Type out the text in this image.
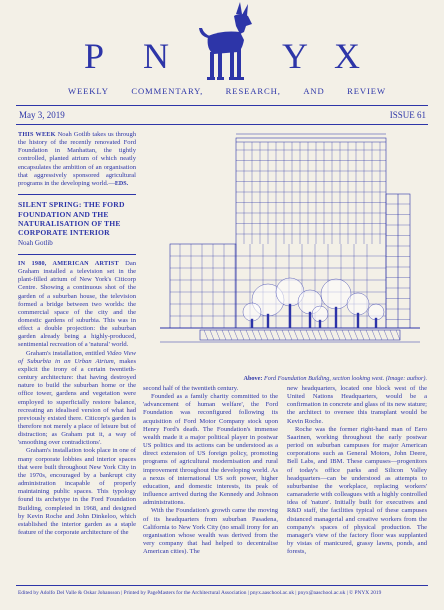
P N	Y X
WEEKLY	COMMENTARY,	RESEARCH,	AND	REVIEW
May 3, 2019	ISSUE 61

THIS WEEK Noah Gotlib takes us through the history of the recently renovated Ford Foundation in Manhattan, the tightly controlled, planted atrium of which neatly encapsulates the ambition of an organisation that aggressively sponsored agricultural programs in the developing world.—EDS.

SILENT SPRING: THE FORD FOUNDATION AND THE NATURALISATION OF THE CORPORATE INTERIOR
Noah Gotlib

IN 1980, AMERICAN ARTIST Dan Graham installed a television set in the plant-filled atrium of New York's Citicorp Centre. Showing a continuous shot of the garden of a suburban house, the television formed a bridge between two worlds: the commercial space of the city and the domestic gardens of suburbia. This was in effect a double projection: the suburban garden already being a highly-produced, sentimental recreation of a 'natural' world.

Graham's installation, entitled Video View of Suburbia in an Urban Atrium, makes explicit the irony of a certain twentieth-century architecture: that having destroyed nature to build the suburban home or the office tower, gardens and vegetation were employed to superficially restore balance, recreating an idealised version of what had previously existed there. Citicorp's garden is therefore not merely a place of leisure but of distraction; as Graham put it, a way of 'smoothing over contradictions'.

Graham's installation took place in one of many corporate lobbies and interior spaces that were built throughout New York City in the 1970s, encouraged by a bankrupt city administration incapable of properly maintaining public spaces. This typology found its archetype in the Ford Foundation Building, completed in 1968, and designed by Kevin Roche and John Dinkeloo, which established the interior garden as a staple feature of the corporate architecture of the

Above: Ford Foundation Building, section looking west. (Image: author).

second half of the twentieth century.

Founded as a family charity committed to the 'advancement of human welfare', the Ford Foundation was reconfigured following its acquisition of Ford Motor Company stock upon Henry Ford's death. The Foundation's immense wealth made it a major political player in postwar US politics and its actions can be understood as a direct extension of US foreign policy, promoting programs of agricultural modernisation and rural improvement throughout the developing world. As a nexus of international US soft power, higher education, and domestic interests, its peak of influence arrived during the Kennedy and Johnson administrations.

With the Foundation's growth came the moving of its headquarters from suburban Pasadena, California to New York City (no small irony for an organisation whose wealth was derived from the very company that had helped to decentralise American cities). The

new headquarters, located one block west of the United Nations Headquarters, would be a confirmation in concrete and glass of its new stature; the architect to oversee this transplant would be Kevin Roche.

Roche was the former right-hand man of Eero Saarinen, working throughout the early postwar period on suburban campuses for major American corporations such as General Motors, John Deere, Bell Labs, and IBM. These campuses—progenitors of today's office parks and Silicon Valley headquarters—can be understood as attempts to suburbanise the workplace, replacing workers' camaraderie with colleagues with a highly controlled idea of 'nature'. Initially built for executives and R&D staff, the facilities typical of these campuses distanced managerial and creative workers from the company's spaces of physical production. The manager's view of the factory floor was supplanted by vistas of manicured, grassy lawns, ponds, and forests,

Edited by Adolfo Del Valle & Oskar Johansson | Printed by PageMasters for the Architectural Association | pnyx.aaschool.ac.uk | pnyx@aaschool.ac.uk | © PNYX 2019
